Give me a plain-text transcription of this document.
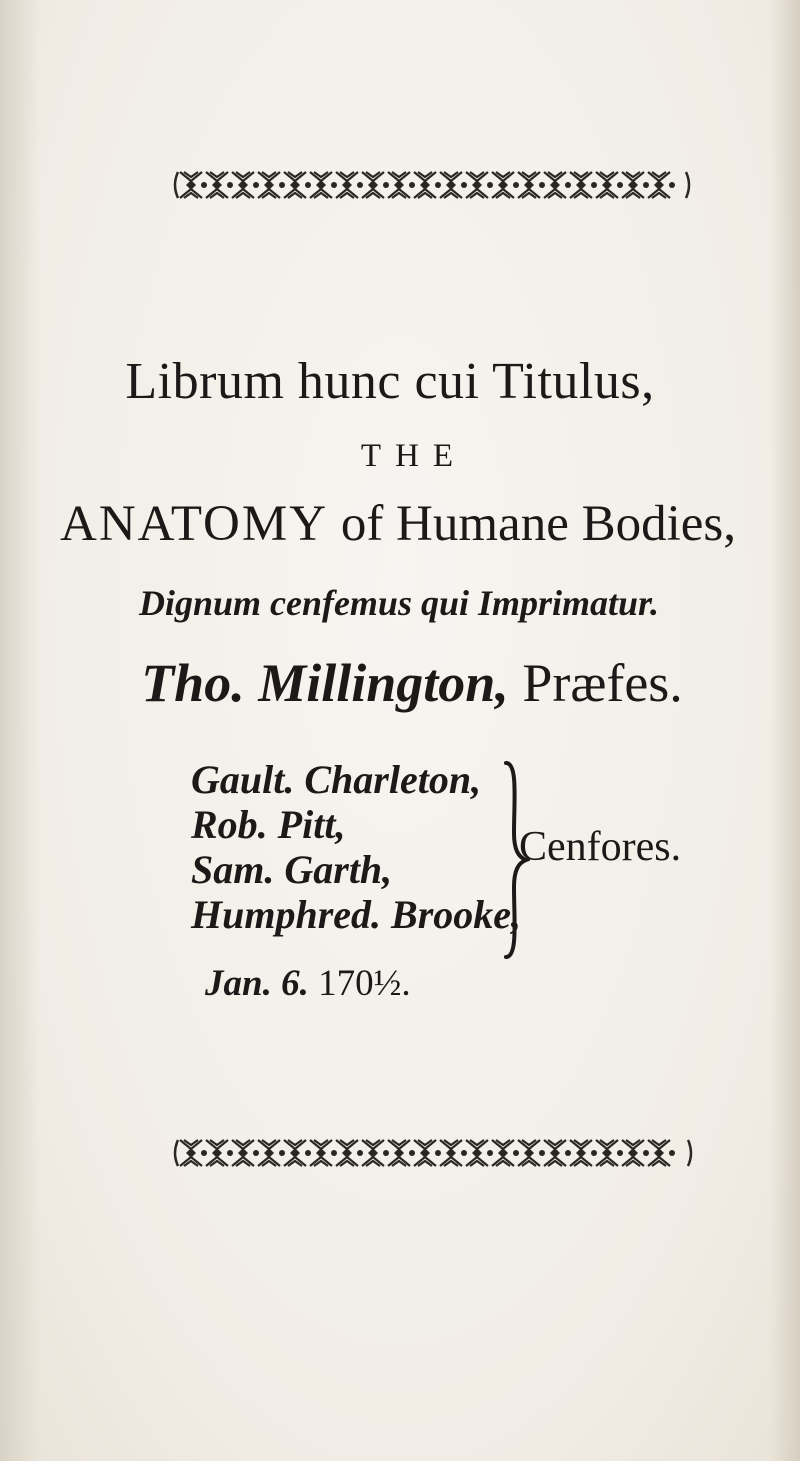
Librum hunc cui Titulus,
THE
ANATOMY of Humane Bodies,
Dignum cenfemus qui Imprimatur.
Tho. Millington, Præfes.
Gault. Charleton,
Rob. Pitt,
Sam. Garth,
Humphred. Brooke,
Cenfores.
Jan. 6. 170½.
